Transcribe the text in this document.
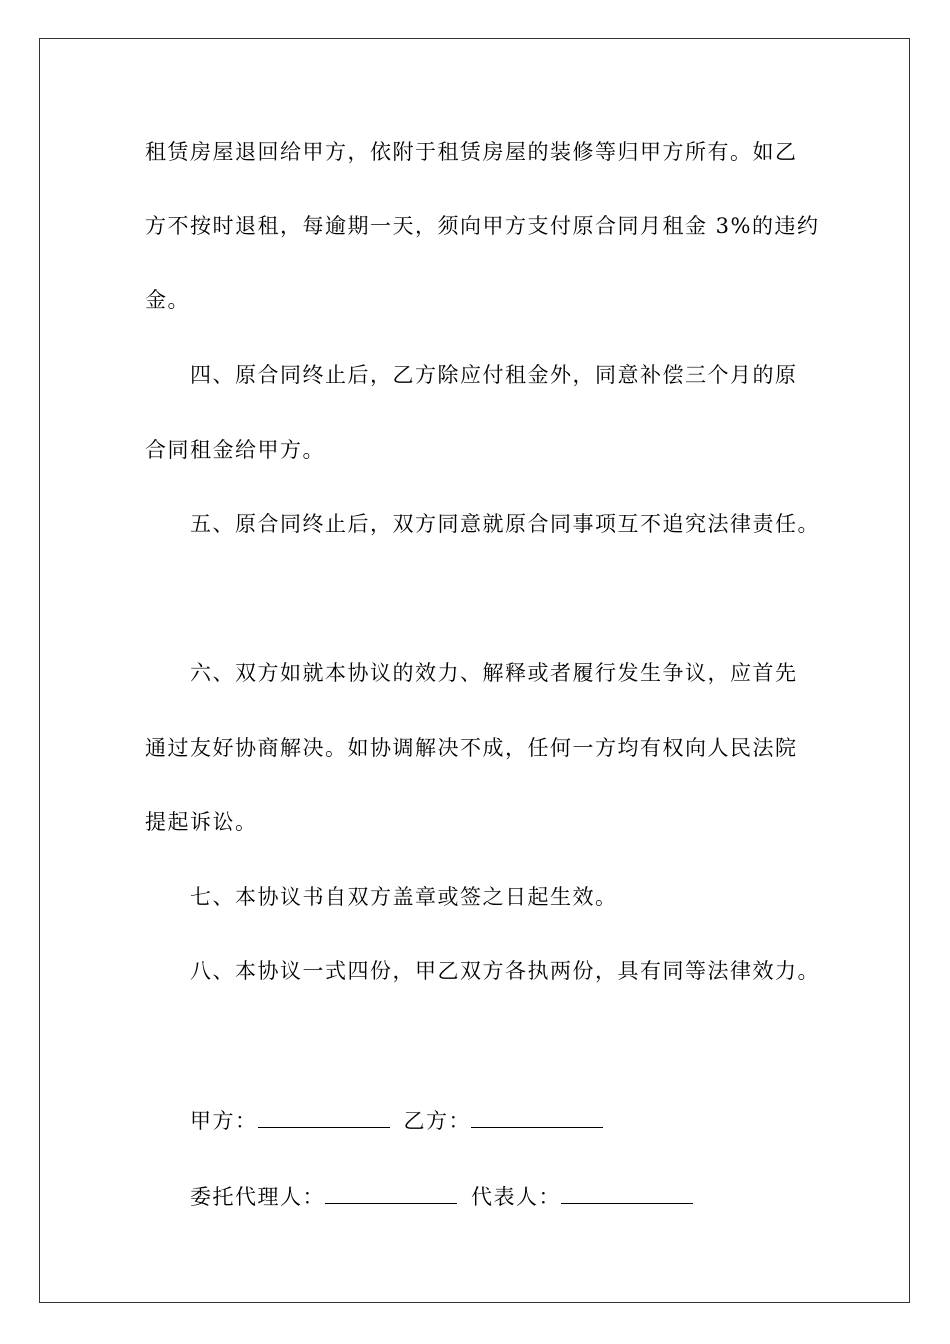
租赁房屋退回给甲方，依附于租赁房屋的装修等归甲方所有。如乙
方不按时退租，每逾期一天，须向甲方支付原合同月租金 3%的违约
金。
四、原合同终止后，乙方除应付租金外，同意补偿三个月的原
合同租金给甲方。
五、原合同终止后，双方同意就原合同事项互不追究法律责任。
六、双方如就本协议的效力、解释或者履行发生争议，应首先
通过友好协商解决。如协调解决不成，任何一方均有权向人民法院
提起诉讼。
七、本协议书自双方盖章或签之日起生效。
八、本协议一式四份，甲乙双方各执两份，具有同等法律效力。
甲方：	乙方：
委托代理人：	代表人：
